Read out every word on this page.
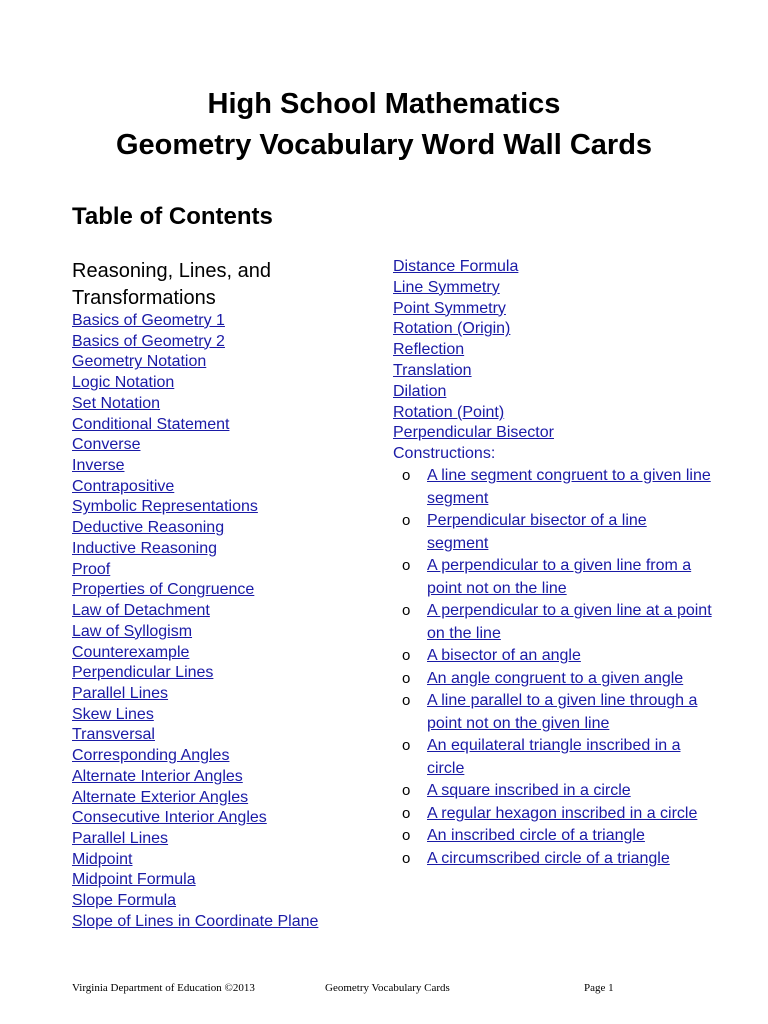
High School Mathematics
Geometry Vocabulary Word Wall Cards
Table of Contents
Reasoning, Lines, and Transformations
Basics of Geometry 1
Basics of Geometry 2
Geometry Notation
Logic Notation
Set Notation
Conditional Statement
Converse
Inverse
Contrapositive
Symbolic Representations
Deductive Reasoning
Inductive Reasoning
Proof
Properties of Congruence
Law of Detachment
Law of Syllogism
Counterexample
Perpendicular Lines
Parallel Lines
Skew Lines
Transversal
Corresponding Angles
Alternate Interior Angles
Alternate Exterior Angles
Consecutive Interior Angles
Parallel Lines
Midpoint
Midpoint Formula
Slope Formula
Slope of Lines in Coordinate Plane
Distance Formula
Line Symmetry
Point Symmetry
Rotation (Origin)
Reflection
Translation
Dilation
Rotation (Point)
Perpendicular Bisector
Constructions:
o A line segment congruent to a given line segment
o Perpendicular bisector of a line segment
o A perpendicular to a given line from a point not on the line
o A perpendicular to a given line at a point on the line
o A bisector of an angle
o An angle congruent to a given angle
o A line parallel to a given line through a point not on the given line
o An equilateral triangle inscribed in a circle
o A square inscribed in a circle
o A regular hexagon inscribed in a circle
o An inscribed circle of a triangle
o A circumscribed circle of a triangle
Virginia Department of Education ©2013	Geometry Vocabulary Cards	Page 1
